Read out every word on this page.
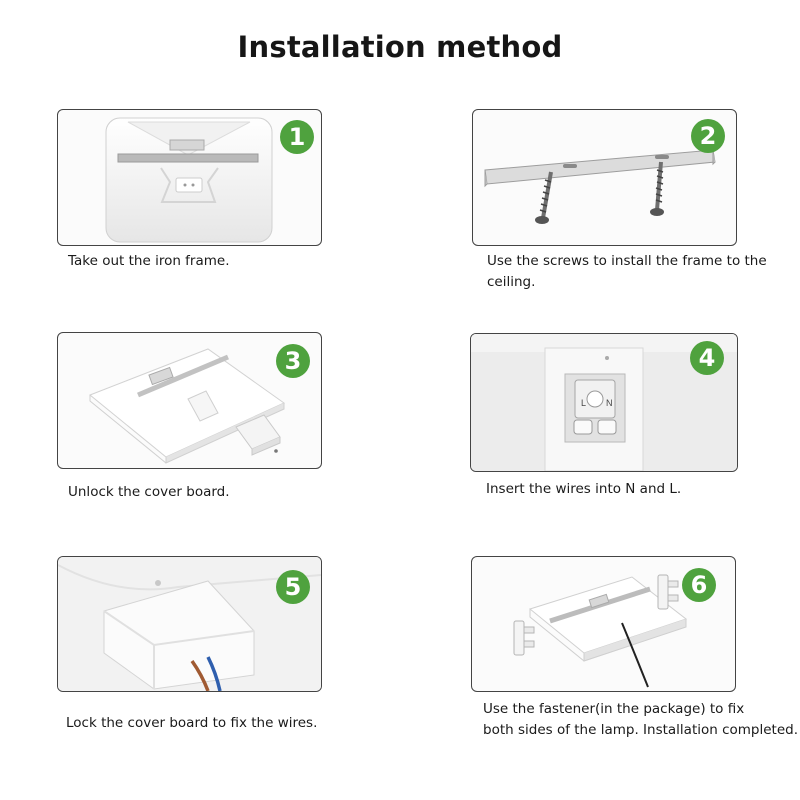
Installation method
1
Take out the iron frame.
2
Use the screws to install the frame to the
ceiling.
3
Unlock the cover board.
L N
4
Insert the wires into N and L.
5
Lock the cover board to fix the wires.
6
Use the fastener(in the package) to fix
both sides of the lamp. Installation completed.
